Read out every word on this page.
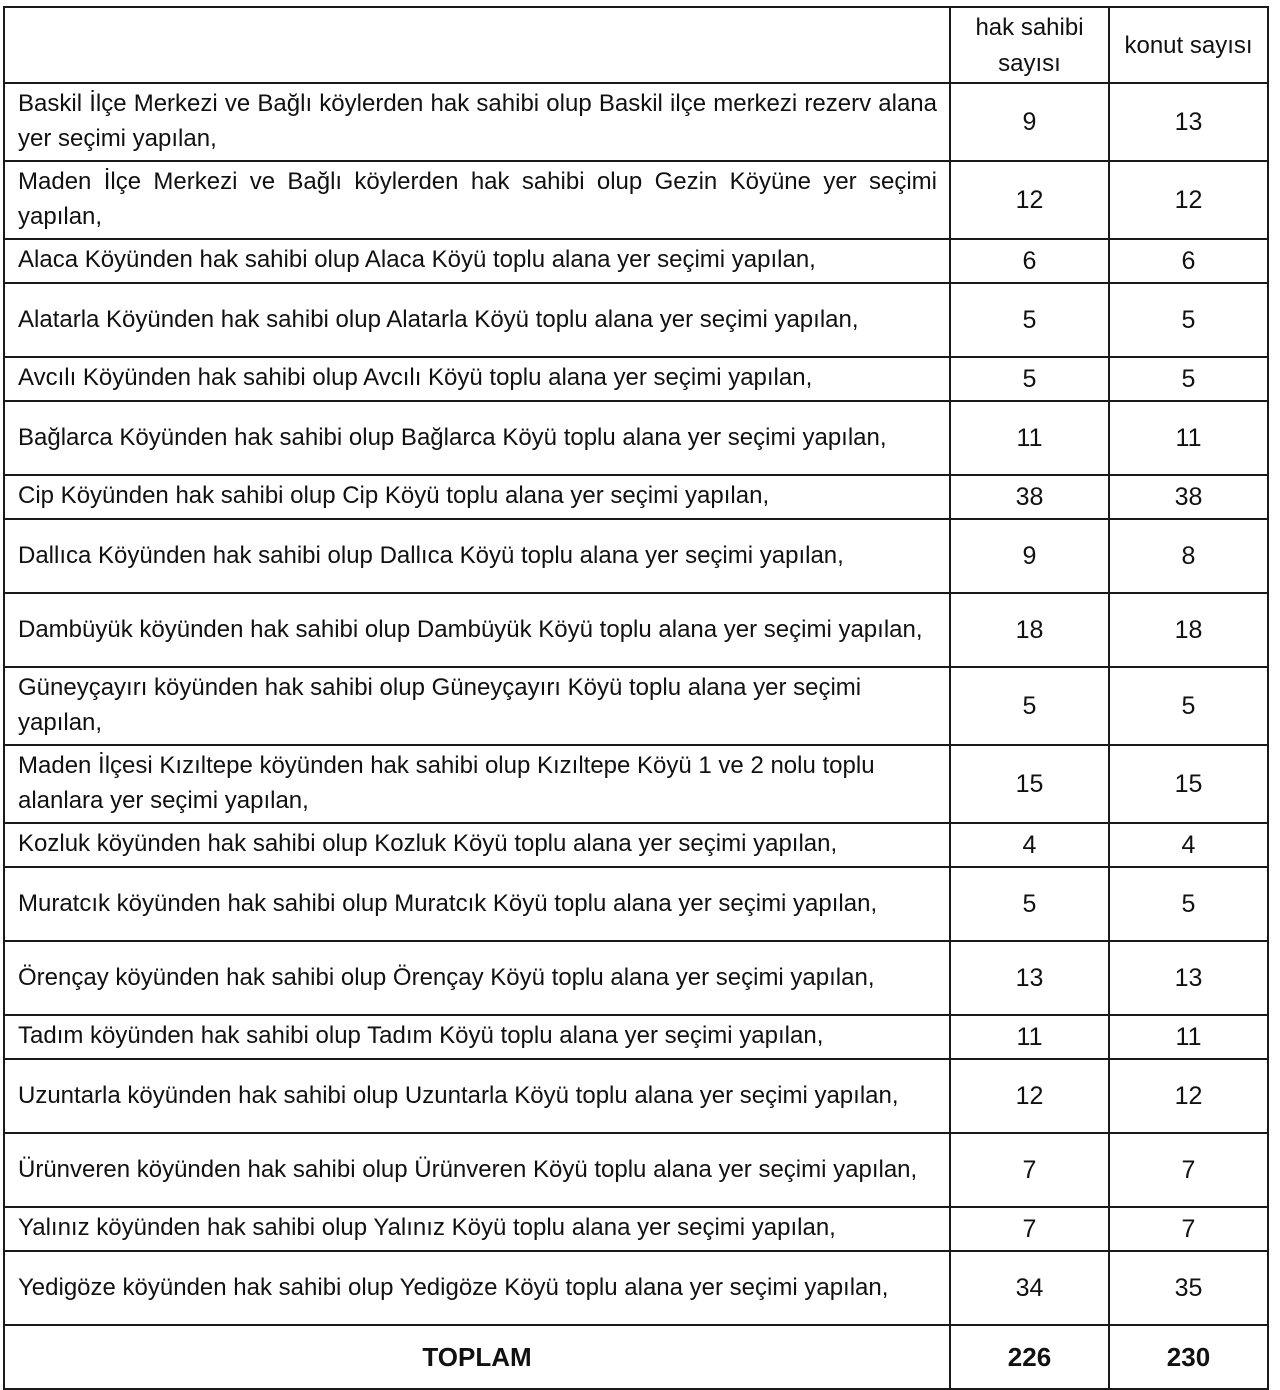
	hak sahibi sayısı	konut sayısı
Baskil İlçe Merkezi ve Bağlı köylerden hak sahibi olup Baskil ilçe merkezi rezerv alana yer seçimi yapılan,	9	13
Maden İlçe Merkezi ve Bağlı köylerden hak sahibi olup Gezin Köyüne yer seçimi yapılan,	12	12
Alaca Köyünden hak sahibi olup Alaca Köyü toplu alana yer seçimi yapılan,	6	6
Alatarla Köyünden hak sahibi olup Alatarla Köyü toplu alana yer seçimi yapılan,	5	5
Avcılı Köyünden hak sahibi olup Avcılı Köyü toplu alana yer seçimi yapılan,	5	5
Bağlarca Köyünden hak sahibi olup Bağlarca Köyü toplu alana yer seçimi yapılan,	11	11
Cip Köyünden hak sahibi olup Cip Köyü toplu alana yer seçimi yapılan,	38	38
Dallıca Köyünden hak sahibi olup Dallıca Köyü toplu alana yer seçimi yapılan,	9	8
Dambüyük köyünden hak sahibi olup Dambüyük Köyü toplu alana yer seçimi yapılan,	18	18
Güneyçayırı köyünden hak sahibi olup Güneyçayırı Köyü toplu alana yer seçimi yapılan,	5	5
Maden İlçesi Kızıltepe köyünden hak sahibi olup Kızıltepe Köyü 1 ve 2 nolu toplu alanlara yer seçimi yapılan,	15	15
Kozluk köyünden hak sahibi olup Kozluk Köyü toplu alana yer seçimi yapılan,	4	4
Muratcık köyünden hak sahibi olup Muratcık Köyü toplu alana yer seçimi yapılan,	5	5
Örençay köyünden hak sahibi olup Örençay Köyü toplu alana yer seçimi yapılan,	13	13
Tadım köyünden hak sahibi olup Tadım Köyü toplu alana yer seçimi yapılan,	11	11
Uzuntarla köyünden hak sahibi olup Uzuntarla Köyü toplu alana yer seçimi yapılan,	12	12
Ürünveren köyünden hak sahibi olup Ürünveren Köyü toplu alana yer seçimi yapılan,	7	7
Yalınız köyünden hak sahibi olup Yalınız Köyü toplu alana yer seçimi yapılan,	7	7
Yedigöze köyünden hak sahibi olup Yedigöze Köyü toplu alana yer seçimi yapılan,	34	35
TOPLAM	226	230
